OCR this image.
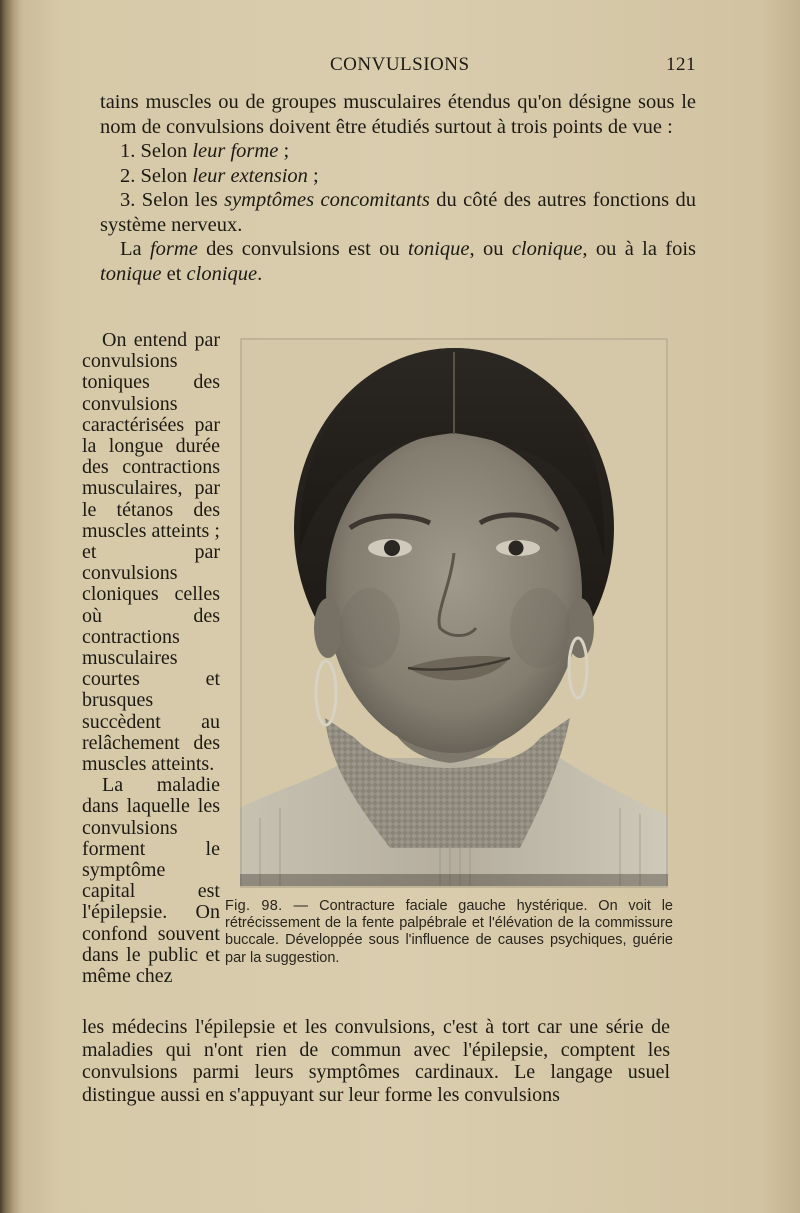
CONVULSIONS	121

tains muscles ou de groupes musculaires étendus qu'on désigne sous le nom de convulsions doivent être étudiés surtout à trois points de vue :

1. Selon leur forme ;

2. Selon leur extension ;

3. Selon les symptômes concomitants du côté des autres fonctions du système nerveux.

La forme des convulsions est ou tonique, ou clonique, ou à la fois tonique et clonique.

On entend par convulsions toniques des convulsions caractérisées par la longue durée des contractions musculaires, par le tétanos des muscles atteints ; et par convulsions cloniques celles où des contractions musculaires courtes et brusques succèdent au relâchement des muscles atteints.

La maladie dans laquelle les convulsions forment le symptôme capital est l'épilepsie. On confond souvent dans le public et même chez

Fig. 98. — Contracture faciale gauche hystérique. On voit le rétrécissement de la fente palpébrale et l'élévation de la commissure buccale. Développée sous l'influence de causes psychiques, guérie par la suggestion.

les médecins l'épilepsie et les convulsions, c'est à tort car une série de maladies qui n'ont rien de commun avec l'épilepsie, comptent les convulsions parmi leurs symptômes cardinaux. Le langage usuel distingue aussi en s'appuyant sur leur forme les convulsions
